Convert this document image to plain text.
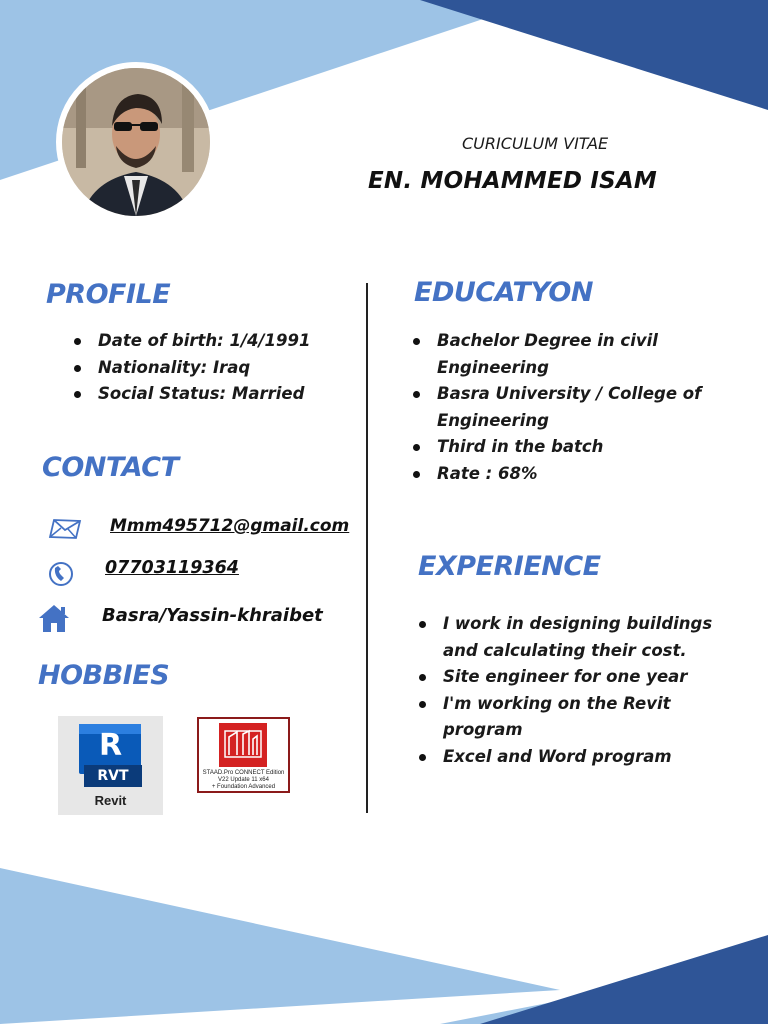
CURICULUM VITAE
EN. MOHAMMED ISAM
PROFILE
Date of birth: 1/4/1991
Nationality: Iraq
Social Status: Married
CONTACT
Mmm495712@gmail.com
07703119364
Basra/Yassin-khraibet
HOBBIES
R
RVT
Revit
STAAD.Pro CONNECT Edition
V22 Update 11 x64
+ Foundation Advanced
EDUCATYON
Bachelor Degree in civil Engineering
Basra University / College of Engineering
Third in the batch
Rate : 68%
EXPERIENCE
I work in designing buildings and calculating their cost.
Site engineer for one year
I'm working on the Revit program
Excel and Word program
